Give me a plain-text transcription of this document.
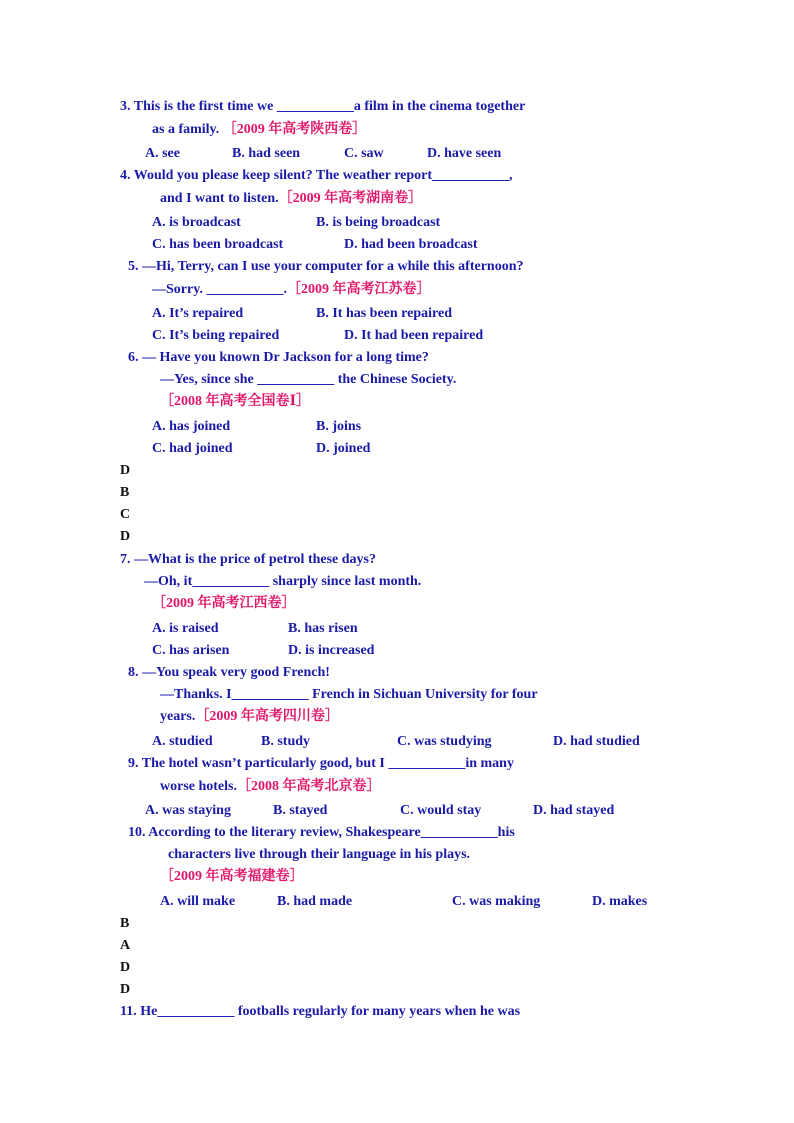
3. This is the first time we ___________a film in the cinema together
as a family. ［2009 年高考陕西卷］
A. see	B. had seen	C. saw	D. have seen
4. Would you please keep silent? The weather report___________,
and I want to listen.［2009 年高考湖南卷］
A. is broadcast	B. is being broadcast
C. has been broadcast	D. had been broadcast
5. —Hi, Terry, can I use your computer for a while this afternoon?
—Sorry. ___________.［2009 年高考江苏卷］
A. It’s repaired	B. It has been repaired
C. It’s being repaired	D. It had been repaired
6. — Have you known Dr Jackson for a long time?
—Yes, since she ___________ the Chinese Society.
［2008 年高考全国卷Ⅰ］
A. has joined	B. joins
C. had joined	D. joined
D
B
C
D
7. —What is the price of petrol these days?
—Oh, it___________ sharply since last month.
［2009 年高考江西卷］
A. is raised	B. has risen
C. has arisen	D. is increased
8. —You speak very good French!
—Thanks. I___________ French in Sichuan University for four
years.［2009 年高考四川卷］
A. studied	B. study	C. was studying	D. had studied
9. The hotel wasn’t particularly good, but I ___________in many
worse hotels.［2008 年高考北京卷］
A. was staying	B. stayed	C. would stay	D. had stayed
10. According to the literary review, Shakespeare___________his
characters live through their language in his plays.
［2009 年高考福建卷］
A. will make	B. had made	C. was making	D. makes
B
A
D
D
11. He___________ footballs regularly for many years when he was
